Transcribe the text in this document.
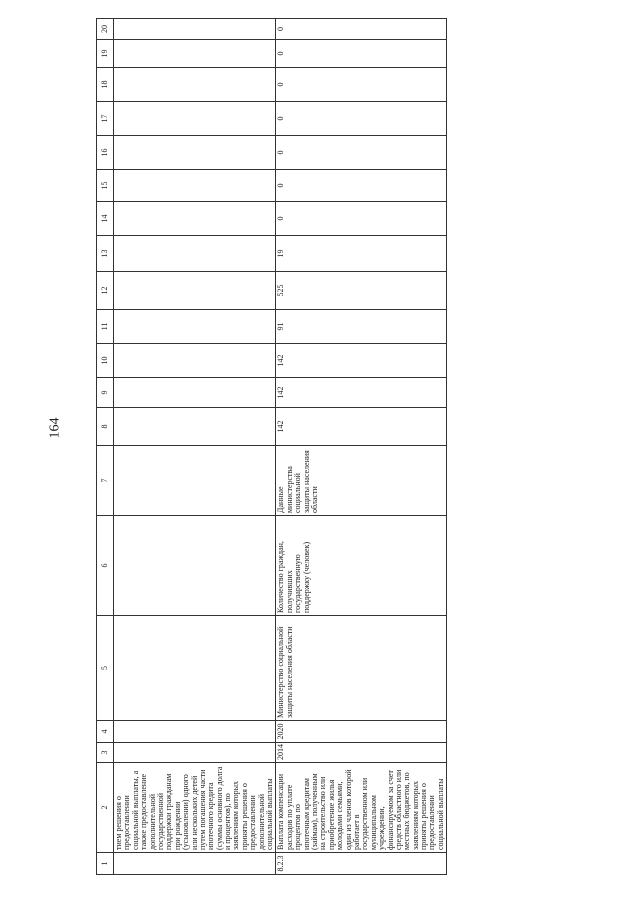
164
1	2	3	4	5	6	7	8	9	10	11	12	13	14	15	16	17	18	19	20
	тием решения о предоставлении социальной выплаты, а также предоставление дополнительной государственной поддержки гражданам при рождении (усыновлении) одного или нескольких детей путем погашения части ипотечного кредита (суммы основного долга и процентов), по заявлениям которых приняты решения о предоставлении дополнительной социальной выплаты																		
8.2.3	Выплата компенсации расходов по уплате процентов по ипотечным кредитам (займам), полученным на строительство или приобретение жилья молодыми семьями, один из членов которой работает в государственном или муниципальном учреждении, финансируемом за счет средств областного или местных бюджетов, по заявлениям которых приняты решения о предоставлении социальной выплаты	2014	2020	Министерство социальной защиты населения области	Количество граждан, получивших государственную поддержку (человек)	Данные министерства социальной защиты населения области	142	142	142	91	525	19	0	0	0	0	0	0	0
